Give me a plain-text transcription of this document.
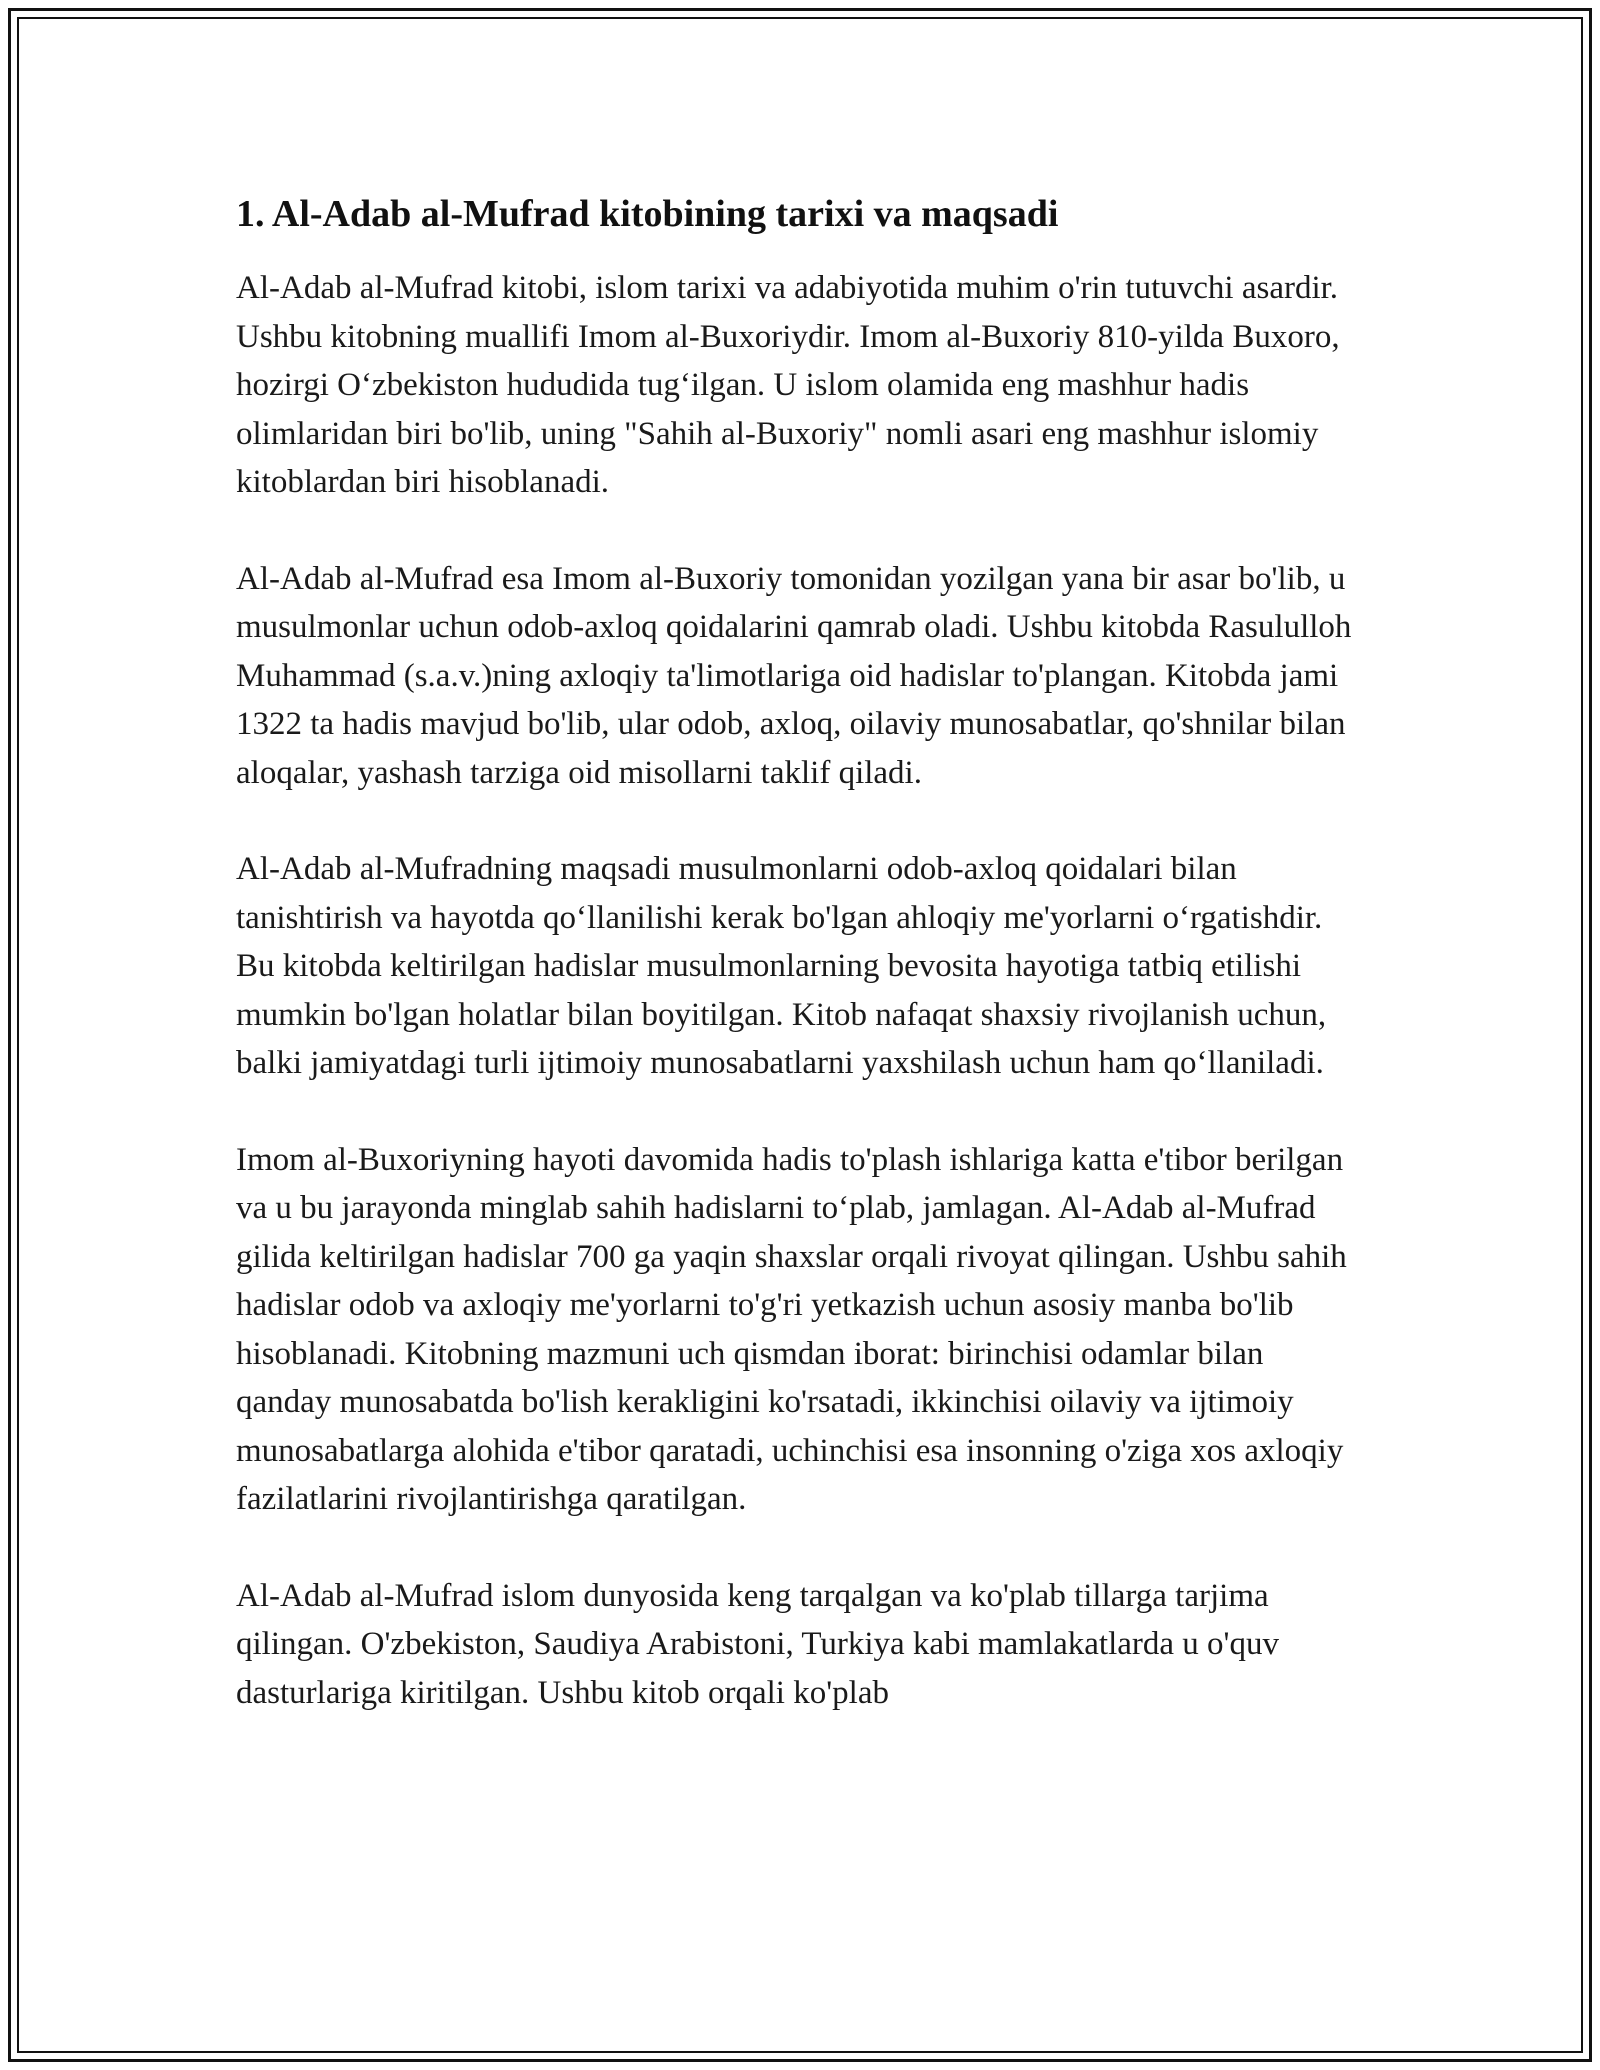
1. Al-Adab al-Mufrad kitobining tarixi va maqsadi

Al-Adab al-Mufrad kitobi, islom tarixi va adabiyotida muhim o'rin tutuvchi asardir. Ushbu kitobning muallifi Imom al-Buxoriydir. Imom al-Buxoriy 810-yilda Buxoro, hozirgi O‘zbekiston hududida tug‘ilgan. U islom olamida eng mashhur hadis olimlaridan biri bo'lib, uning "Sahih al-Buxoriy" nomli asari eng mashhur islomiy kitoblardan biri hisoblanadi.

Al-Adab al-Mufrad esa Imom al-Buxoriy tomonidan yozilgan yana bir asar bo'lib, u musulmonlar uchun odob-axloq qoidalarini qamrab oladi. Ushbu kitobda Rasululloh Muhammad (s.a.v.)ning axloqiy ta'limotlariga oid hadislar to'plangan. Kitobda jami 1322 ta hadis mavjud bo'lib, ular odob, axloq, oilaviy munosabatlar, qo'shnilar bilan aloqalar, yashash tarziga oid misollarni taklif qiladi.

Al-Adab al-Mufradning maqsadi musulmonlarni odob-axloq qoidalari bilan tanishtirish va hayotda qo‘llanilishi kerak bo'lgan ahloqiy me'yorlarni o‘rgatishdir. Bu kitobda keltirilgan hadislar musulmonlarning bevosita hayotiga tatbiq etilishi mumkin bo'lgan holatlar bilan boyitilgan. Kitob nafaqat shaxsiy rivojlanish uchun, balki jamiyatdagi turli ijtimoiy munosabatlarni yaxshilash uchun ham qo‘llaniladi.

Imom al-Buxoriyning hayoti davomida hadis to'plash ishlariga katta e'tibor berilgan va u bu jarayonda minglab sahih hadislarni to‘plab, jamlagan. Al-Adab al-Mufrad gilida keltirilgan hadislar 700 ga yaqin shaxslar orqali rivoyat qilingan. Ushbu sahih hadislar odob va axloqiy me'yorlarni to'g'ri yetkazish uchun asosiy manba bo'lib hisoblanadi. Kitobning mazmuni uch qismdan iborat: birinchisi odamlar bilan qanday munosabatda bo'lish kerakligini ko'rsatadi, ikkinchisi oilaviy va ijtimoiy munosabatlarga alohida e'tibor qaratadi, uchinchisi esa insonning o'ziga xos axloqiy fazilatlarini rivojlantirishga qaratilgan.

Al-Adab al-Mufrad islom dunyosida keng tarqalgan va ko'plab tillarga tarjima qilingan. O'zbekiston, Saudiya Arabistoni, Turkiya kabi mamlakatlarda u o'quv dasturlariga kiritilgan. Ushbu kitob orqali ko'plab
